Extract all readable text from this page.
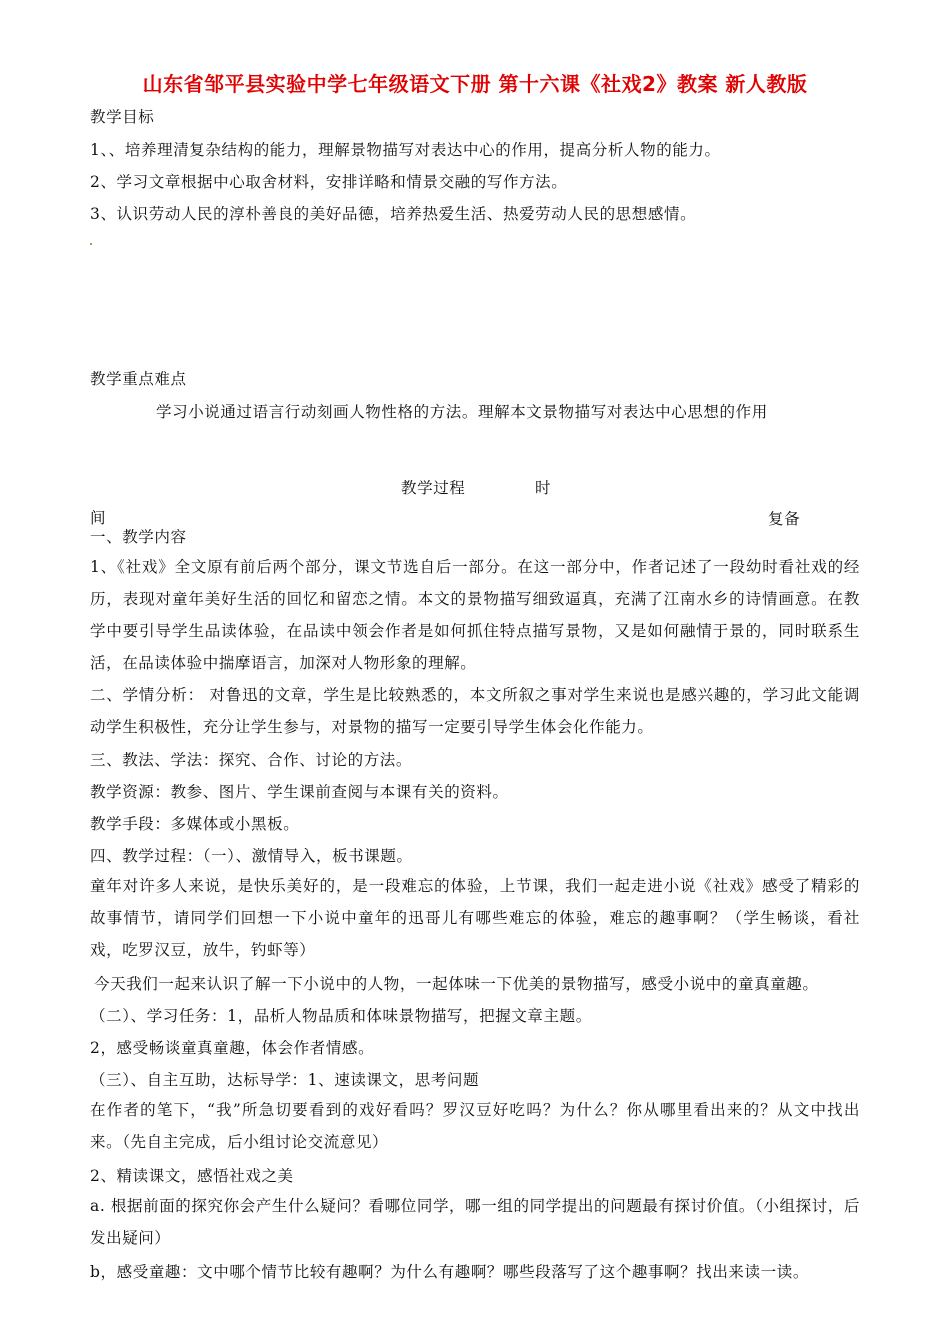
山东省邹平县实验中学七年级语文下册 第十六课《社戏2》教案 新人教版
教学目标
1、、培养理清复杂结构的能力，理解景物描写对表达中心的作用，提高分析人物的能力。
2、学习文章根据中心取舍材料，安排详略和情景交融的写作方法。
3、认识劳动人民的淳朴善良的美好品德，培养热爱生活、热爱劳动人民的思想感情。
教学重点难点
学习小说通过语言行动刻画人物性格的方法。理解本文景物描写对表达中心思想的作用
教学过程	时
间	复备
一、教学内容
1、《社戏》全文原有前后两个部分，课文节选自后一部分。在这一部分中，作者记述了一段幼时看社戏的经历，表现对童年美好生活的回忆和留恋之情。本文的景物描写细致逼真，充满了江南水乡的诗情画意。在教学中要引导学生品读体验，在品读中领会作者是如何抓住特点描写景物，又是如何融情于景的，同时联系生活，在品读体验中揣摩语言，加深对人物形象的理解。
二、学情分析： 对鲁迅的文章，学生是比较熟悉的，本文所叙之事对学生来说也是感兴趣的，学习此文能调动学生积极性，充分让学生参与，对景物的描写一定要引导学生体会化作能力。
三、教法、学法：探究、合作、讨论的方法。
教学资源：教参、图片、学生课前查阅与本课有关的资料。
教学手段：多媒体或小黑板。
四、教学过程：（一）、激情导入，板书课题。
童年对许多人来说，是快乐美好的，是一段难忘的体验，上节课，我们一起走进小说《社戏》感受了精彩的故事情节，请同学们回想一下小说中童年的迅哥儿有哪些难忘的体验，难忘的趣事啊？（学生畅谈，看社戏，吃罗汉豆，放牛，钓虾等）
今天我们一起来认识了解一下小说中的人物，一起体味一下优美的景物描写，感受小说中的童真童趣。
（二）、学习任务：1，品析人物品质和体味景物描写，把握文章主题。
2，感受畅谈童真童趣，体会作者情感。
（三）、自主互助，达标导学：1、速读课文，思考问题
在作者的笔下，“我”所急切要看到的戏好看吗？罗汉豆好吃吗？为什么？你从哪里看出来的？从文中找出来。（先自主完成，后小组讨论交流意见）
2、精读课文，感悟社戏之美
a. 根据前面的探究你会产生什么疑问？看哪位同学，哪一组的同学提出的问题最有探讨价值。（小组探讨，后发出疑问）
b，感受童趣：文中哪个情节比较有趣啊？为什么有趣啊？哪些段落写了这个趣事啊？找出来读一读。
